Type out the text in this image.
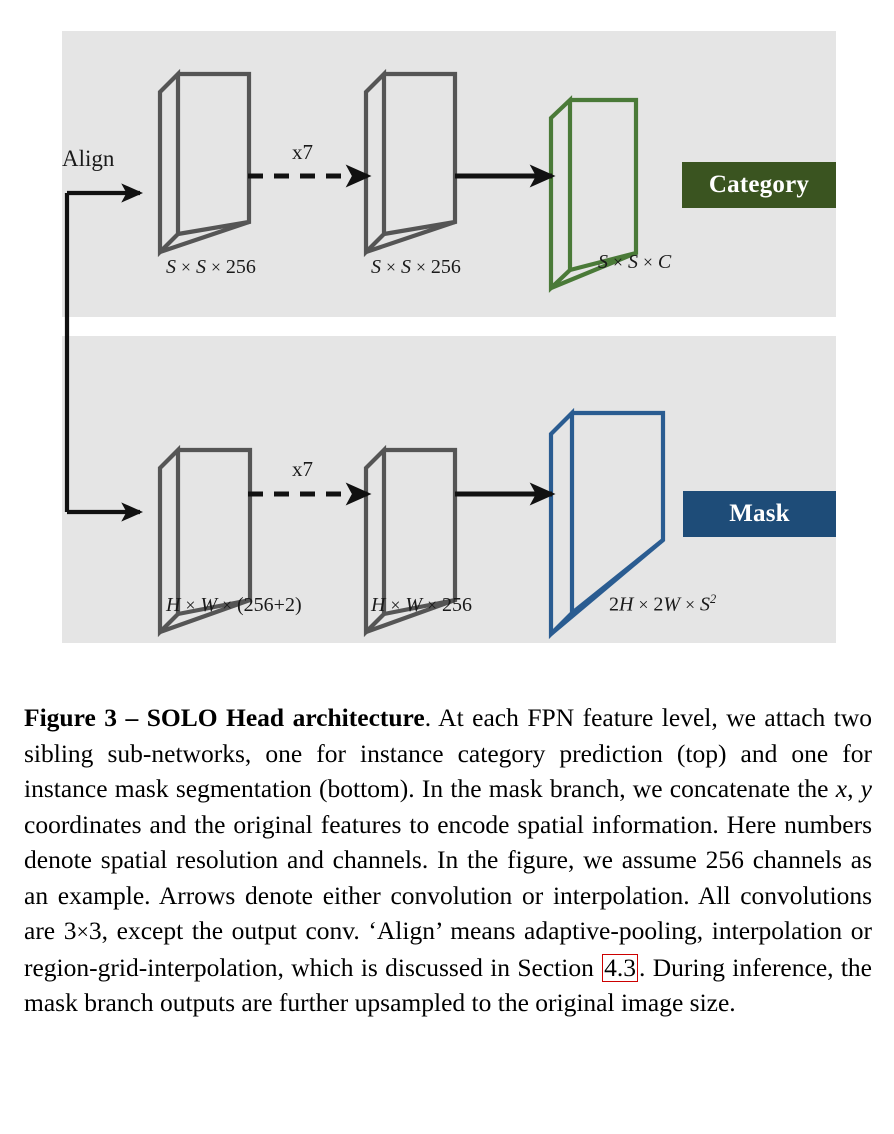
Align	x7
x7
S × S × 256	S × S × 256	S × S × C
H × W × (256+2)	H × W × 256	$2H \times 2W \times S^2$
Category
Mask
Figure 3 – SOLO Head architecture. At each FPN feature level, we attach two sibling sub-networks, one for instance category prediction (top) and one for instance mask segmentation (bottom). In the mask branch, we concatenate the x, y coordinates and the original features to encode spatial information. Here numbers denote spatial resolution and channels. In the figure, we assume 256 channels as an example. Arrows denote either convolution or interpolation. All convolutions are 3×3, except the output conv. ‘Align’ means adaptive-pooling, interpolation or region-grid-interpolation, which is discussed in Section 4.3 . During inference, the mask branch outputs are further upsampled to the original image size.
